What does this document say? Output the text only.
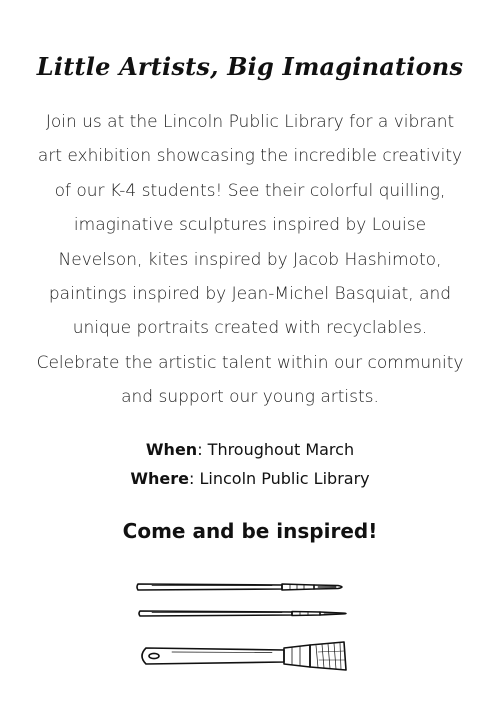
Little Artists, Big Imaginations
Join us at the Lincoln Public Library for a vibrant art exhibition showcasing the incredible creativity of our K-4 students! See their colorful quilling, imaginative sculptures inspired by Louise Nevelson, kites inspired by Jacob Hashimoto, paintings inspired by Jean-Michel Basquiat, and unique portraits created with recyclables. Celebrate the artistic talent within our community and support our young artists.
When: Throughout March
Where: Lincoln Public Library
Come and be inspired!
